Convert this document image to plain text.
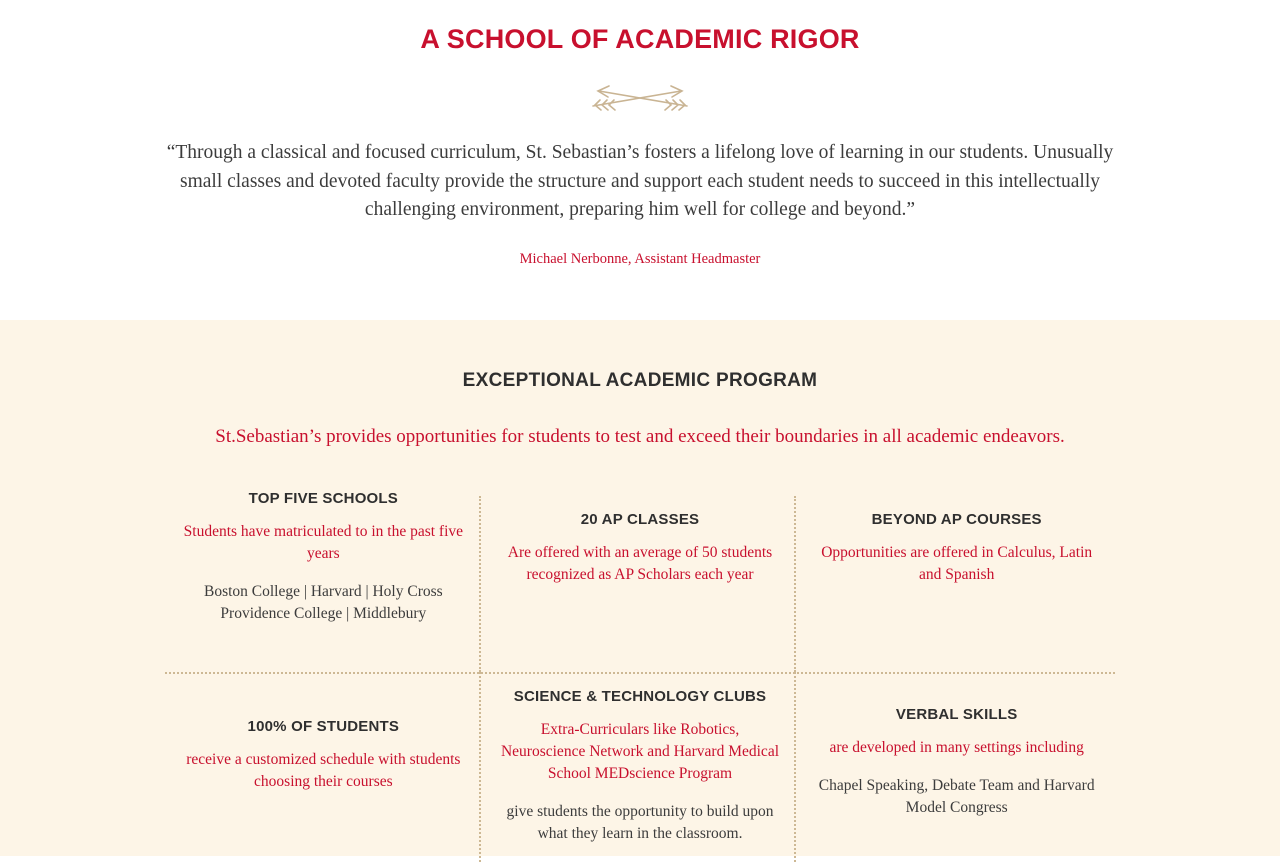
A SCHOOL OF ACADEMIC RIGOR

“Through a classical and focused curriculum, St. Sebastian’s fosters a lifelong love of learning in our students. Unusually small classes and devoted faculty provide the structure and support each student needs to succeed in this intellectually challenging environment, preparing him well for college and beyond.”

Michael Nerbonne, Assistant Headmaster

EXCEPTIONAL ACADEMIC PROGRAM

St.Sebastian’s provides opportunities for students to test and exceed their boundaries in all academic endeavors.

TOP FIVE SCHOOLS
Students have matriculated to in the past five years
Boston College | Harvard | Holy Cross Providence College | Middlebury
20 AP CLASSES
Are offered with an average of 50 students recognized as AP Scholars each year
BEYOND AP COURSES
Opportunities are offered in Calculus, Latin and Spanish
100% OF STUDENTS
receive a customized schedule with students choosing their courses
SCIENCE & TECHNOLOGY CLUBS
Extra-Curriculars like Robotics, Neuroscience Network and Harvard Medical School MEDscience Program
give students the opportunity to build upon what they learn in the classroom.
VERBAL SKILLS
are developed in many settings including
Chapel Speaking, Debate Team and Harvard Model Congress
